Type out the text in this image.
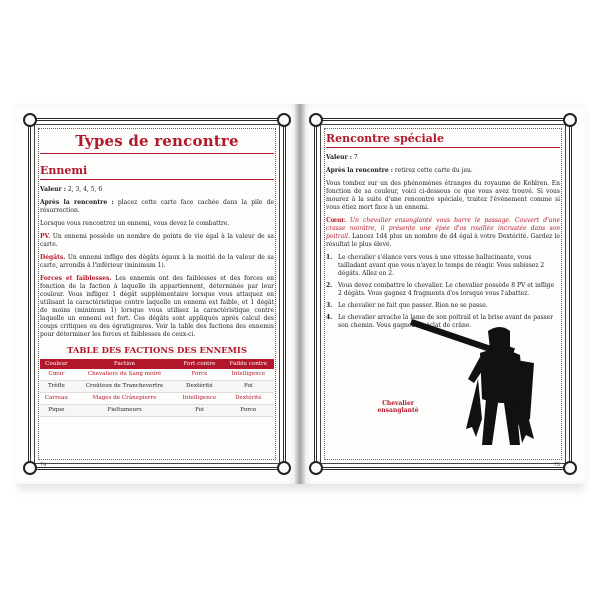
Types de rencontre
Ennemi

Valeur : 2, 3, 4, 5, 6

Après la rencontre : placez cette carte face cachée dans la pile de résurrection.

Lorsque vous rencontrez un ennemi, vous devez le combattre.

PV. Un ennemi possède un nombre de points de vie égal à la valeur de sa carte.

Dégâts. Un ennemi inflige des dégâts égaux à la moitié de la valeur de sa carte, arrondis à l'inférieur (minimum 1).

Forces et faiblesses. Les ennemis ont des faiblesses et des forces en fonction de la faction à laquelle ils appartiennent, déterminée par leur couleur. Vous infligez 1 dégât supplémentaire lorsque vous attaquez en utilisant la caractéristique contre laquelle un ennemi est faible, et 1 dégât de moins (minimum 1) lorsque vous utilisez la caractéristique contre laquelle un ennemi est fort. Ces dégâts sont appliqués après calcul des coups critiques ou des égratignures. Voir la table des factions des ennemis pour déterminer les forces et faiblesses de ceux-ci.

TABLE DES FACTIONS DES ENNEMIS
Couleur	Faction	Fort contre	Faible contre
Cœur	Chevaliers du Sang moiré	Force	Intelligence
Trèfle	Croûteux de Tranchevertre	Dextérité	Foi
Carreau	Mages de Crânepierre	Intelligence	Dextérité
Pique	Fieltumeurs	Foi	Force
74
Rencontre spéciale

Valeur : 7

Après la rencontre : retirez cette carte du jeu.

Vous tombez sur un des phénomènes étranges du royaume de Kohlren. En fonction de sa couleur, voici ci-dessous ce que vous avez trouvé. Si vous mourez à la suite d'une rencontre spéciale, traitez l'événement comme si vous étiez mort face à un ennemi.

Cœur. Un chevalier ensanglanté vous barre le passage. Couvert d'une crasse noirâtre, il présente une épée d'os rouillée incrustée dans son poitrail. Lancez 1d4 plus un nombre de d4 égal à votre Dextérité. Gardez le résultat le plus élevé.

1. Le chevalier s'élance vers vous à une vitesse hallucinante, vous tailladant avant que vous n'ayez le temps de réagir. Vous subissez 2 dégâts. Allez en 2.
2. Vous devez combattre le chevalier. Le chevalier possède 8 PV et inflige 2 dégâts. Vous gagnez 4 fragments d'os lorsque vous l'abattez.
3. Le chevalier ne fait que passer. Rien ne se passe.
4. Le chevalier arrache la lame de son poitrail et la brise avant de passer son chemin. Vous gagnez un éclat de crâne.
Chevalier ensanglanté
75
